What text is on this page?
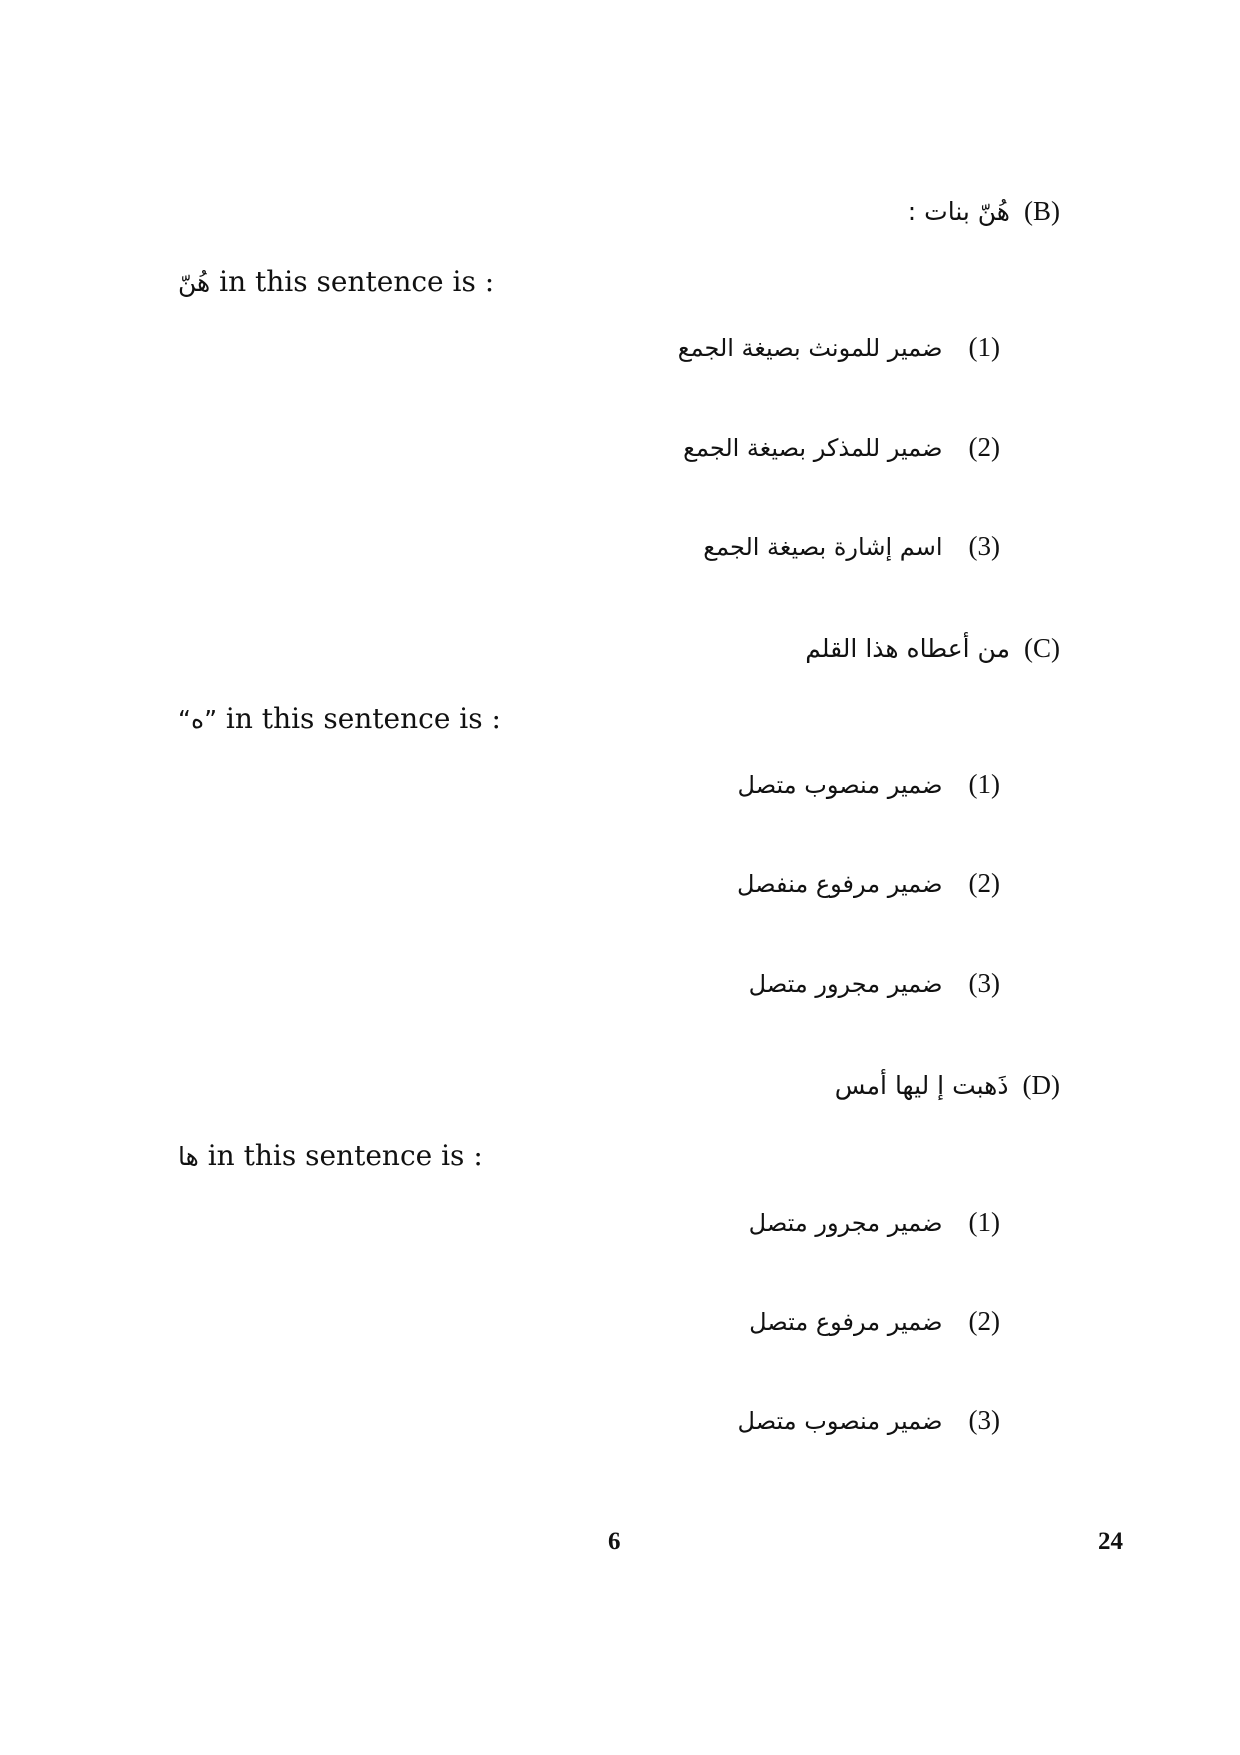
(B)
هُنّ بنات :
هُنّ in this sentence is :
(1)
ضمير للمونث بصيغة الجمع
(2)
ضمير للمذكر بصيغة الجمع
(3)
اسم إشارة بصيغة الجمع
(C)
من أعطاه هذا القلم
“ه” in this sentence is :
(1)
ضمير منصوب متصل
(2)
ضمير مرفوع منفصل
(3)
ضمير مجرور متصل
(D)
ذَهبت إ ليها أمس
ها in this sentence is :
(1)
ضمير مجرور متصل
(2)
ضمير مرفوع متصل
(3)
ضمير منصوب متصل
6	24
